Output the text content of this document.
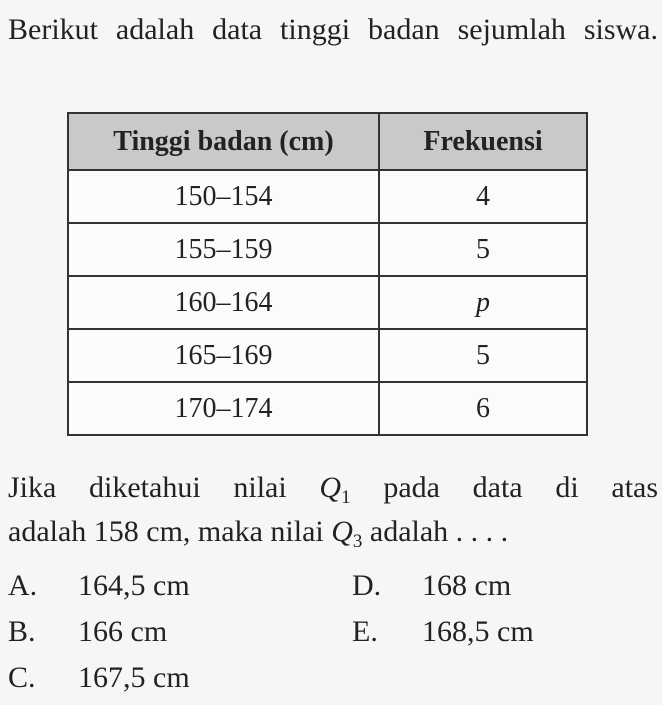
Berikut adalah data tinggi badan sejumlah siswa.
Tinggi badan (cm)	Frekuensi
150–154	4
155–159	5
160–164	p
165–169	5
170–174	6
Jika diketahui nilai $Q_1$ pada data di atas
adalah 158 cm, maka nilai $Q_3$ adalah . . . .
A. 164,5 cm
B. 166 cm
C. 167,5 cm
D. 168 cm
E. 168,5 cm
